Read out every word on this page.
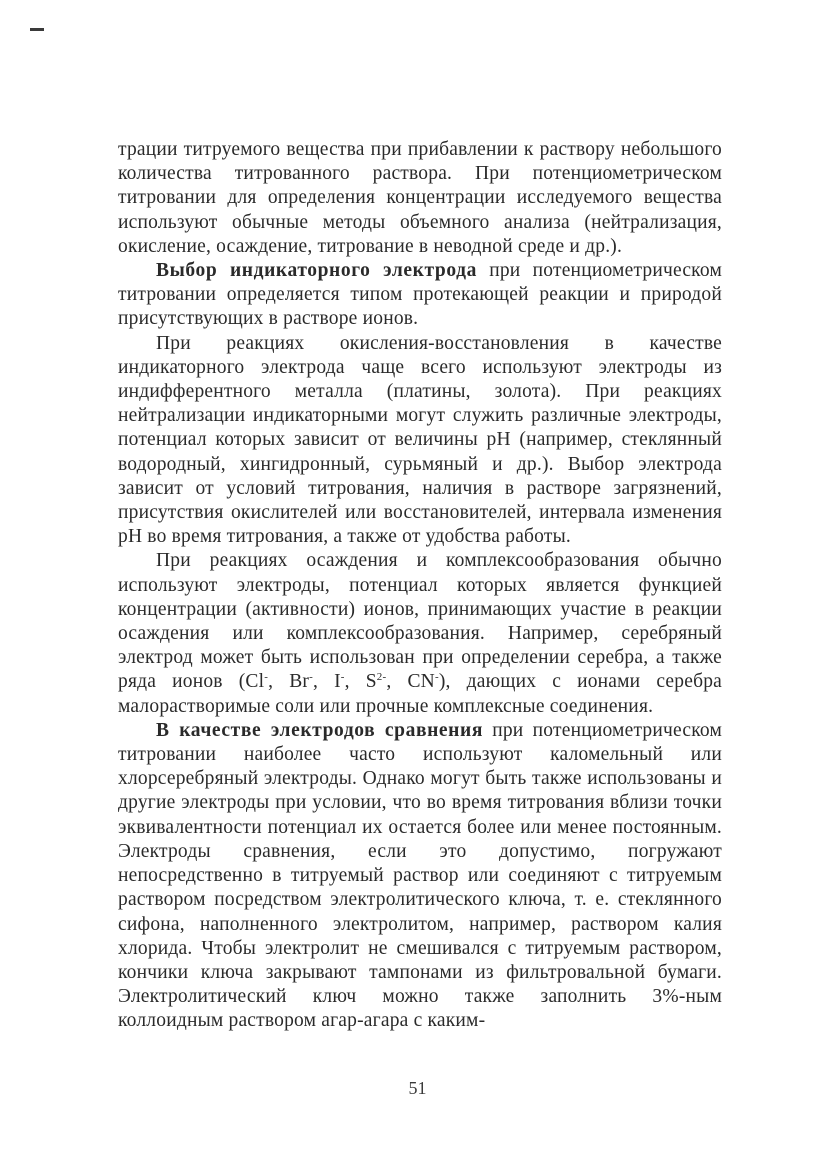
трации титруемого вещества при прибавлении к раствору небольшого количества титрованного раствора. При потенциометрическом титровании для определения концентрации исследуемого вещества используют обычные методы объемного анализа (нейтрализация, окисление, осаждение, титрование в неводной среде и др.).

Выбор индикаторного электрода при потенциометрическом титровании определяется типом протекающей реакции и природой присутствующих в растворе ионов.

При реакциях окисления-восстановления в качестве индикаторного электрода чаще всего используют электроды из индифферентного металла (платины, золота). При реакциях нейтрализации индикаторными могут служить различные электроды, потенциал которых зависит от величины pH (например, стеклянный водородный, хингидронный, сурьмяный и др.). Выбор электрода зависит от условий титрования, наличия в растворе загрязнений, присутствия окислителей или восстановителей, интервала изменения pH во время титрования, а также от удобства работы.

При реакциях осаждения и комплексообразования обычно используют электроды, потенциал которых является функцией концентрации (активности) ионов, принимающих участие в реакции осаждения или комплексообразования. Например, серебряный электрод может быть использован при определении серебра, а также ряда ионов (Cl-, Br-, I-, $S^{2-}$, CN-), дающих с ионами серебра малорастворимые соли или прочные комплексные соединения.

В качестве электродов сравнения при потенциометрическом титровании наиболее часто используют каломельный или хлорсеребряный электроды. Однако могут быть также использованы и другие электроды при условии, что во время титрования вблизи точки эквивалентности потенциал их остается более или менее постоянным. Электроды сравнения, если это допустимо, погружают непосредственно в титруемый раствор или соединяют с титруемым раствором посредством электролитического ключа, т. е. стеклянного сифона, наполненного электролитом, например, раствором калия хлорида. Чтобы электролит не смешивался с титруемым раствором, кончики ключа закрывают тампонами из фильтровальной бумаги. Электролитический ключ можно также заполнить 3%-ным коллоидным раствором агар-агара с каким-

51
